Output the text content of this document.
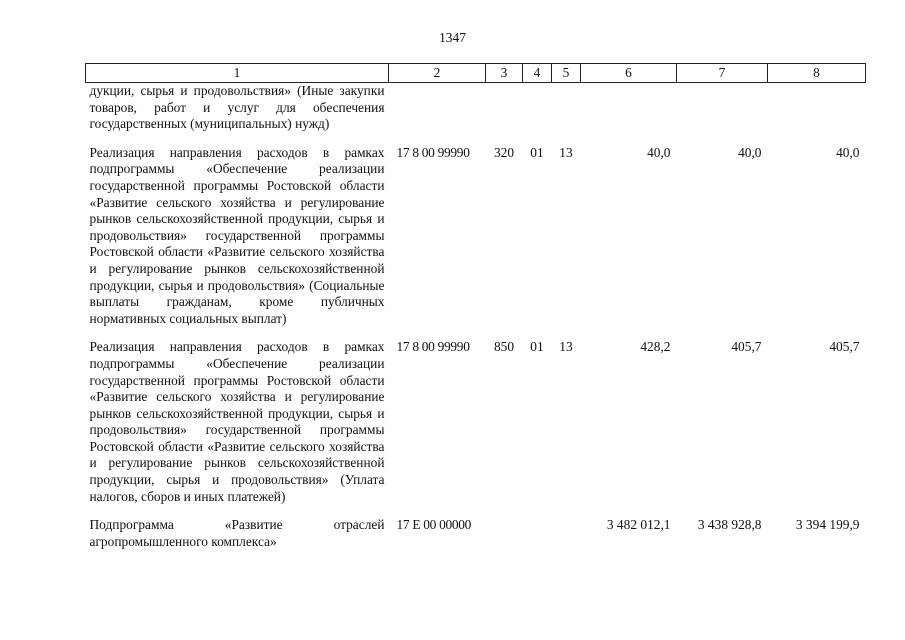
1347
1	2	3	4	5	6	7	8
дукции, сырья и продовольствия» (Иные закупки товаров, работ и услуг для обеспечения государственных (муниципальных) нужд)							
Реализация направления расходов в рамках подпрограммы «Обеспечение реализации государственной программы Ростовской области «Развитие сельского хозяйства и регулирование рынков сельскохозяйственной продукции, сырья и продовольствия» государственной программы Ростовской области «Развитие сельского хозяйства и регулирование рынков сельскохозяйственной продукции, сырья и продовольствия» (Социальные выплаты гражданам, кроме публичных нормативных социальных выплат)	17 8 00 99990	320	01	13	40,0	40,0	40,0
Реализация направления расходов в рамках подпрограммы «Обеспечение реализации государственной программы Ростовской области «Развитие сельского хозяйства и регулирование рынков сельскохозяйственной продукции, сырья и продовольствия» государственной программы Ростовской области «Развитие сельского хозяйства и регулирование рынков сельскохозяйственной продукции, сырья и продовольствия» (Уплата налогов, сборов и иных платежей)	17 8 00 99990	850	01	13	428,2	405,7	405,7
Подпрограмма «Развитие отраслей агропромышленного комплекса»	17 Е 00 00000				3 482 012,1	3 438 928,8	3 394 199,9
